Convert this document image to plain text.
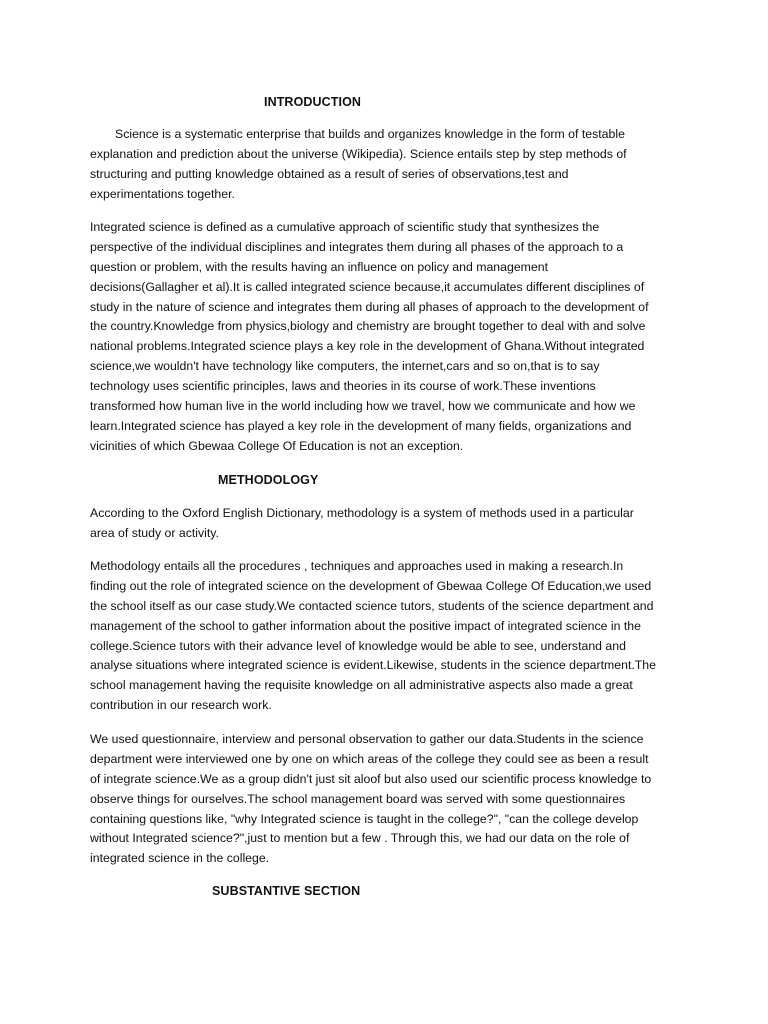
INTRODUCTION

Science is a systematic enterprise that builds and organizes knowledge in the form of testable
explanation and prediction about the universe (Wikipedia). Science entails step by step methods of
structuring and putting knowledge obtained as a result of series of observations,test and
experimentations together.

Integrated science is defined as a cumulative approach of scientific study that synthesizes the
perspective of the individual disciplines and integrates them during all phases of the approach to a
question or problem, with the results having an influence on policy and management
decisions(Gallagher et al).It is called integrated science because,it accumulates different disciplines of
study in the nature of science and integrates them during all phases of approach to the development of
the country.Knowledge from physics,biology and chemistry are brought together to deal with and solve
national problems.Integrated science plays a key role in the development of Ghana.Without integrated
science,we wouldn't have technology like computers, the internet,cars and so on,that is to say
technology uses scientific principles, laws and theories in its course of work.These inventions
transformed how human live in the world including how we travel, how we communicate and how we
learn.Integrated science has played a key role in the development of many fields, organizations and
vicinities of which Gbewaa College Of Education is not an exception.

METHODOLOGY

According to the Oxford English Dictionary, methodology is a system of methods used in a particular
area of study or activity.

Methodology entails all the procedures , techniques and approaches used in making a research.In
finding out the role of integrated science on the development of Gbewaa College Of Education,we used
the school itself as our case study.We contacted science tutors, students of the science department and
management of the school to gather information about the positive impact of integrated science in the
college.Science tutors with their advance level of knowledge would be able to see, understand and
analyse situations where integrated science is evident.Likewise, students in the science department.The
school management having the requisite knowledge on all administrative aspects also made a great
contribution in our research work.

We used questionnaire, interview and personal observation to gather our data.Students in the science
department were interviewed one by one on which areas of the college they could see as been a result
of integrate science.We as a group didn't just sit aloof but also used our scientific process knowledge to
observe things for ourselves.The school management board was served with some questionnaires
containing questions like, "why Integrated science is taught in the college?", "can the college develop
without Integrated science?",just to mention but a few . Through this, we had our data on the role of
integrated science in the college.

SUBSTANTIVE SECTION
